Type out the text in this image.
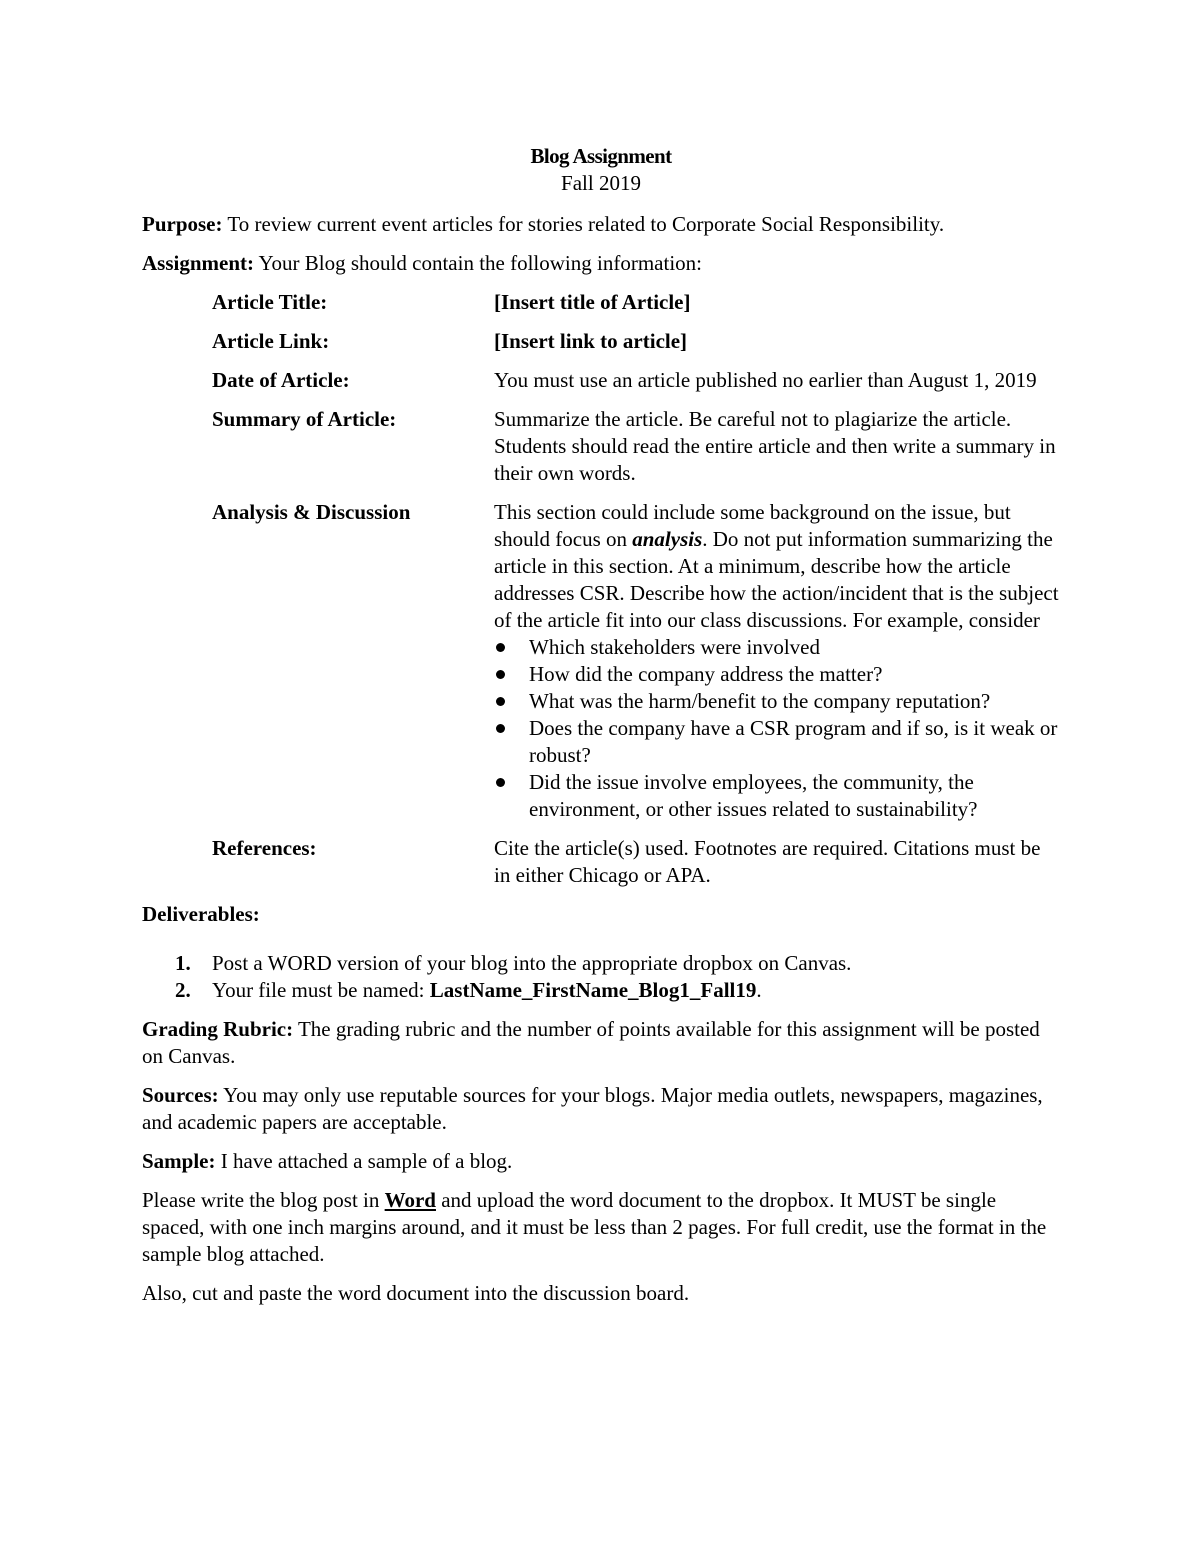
Blog Assignment
Fall 2019

Purpose: To review current event articles for stories related to Corporate Social Responsibility.

Assignment: Your Blog should contain the following information:

Article Title:	[Insert title of Article]
Article Link:	[Insert link to article]
Date of Article:	You must use an article published no earlier than August 1, 2019
Summary of Article:	Summarize the article. Be careful not to plagiarize the article. Students should read the entire article and then write a summary in their own words.
Analysis & Discussion	This section could include some background on the issue, but should focus on analysis. Do not put information summarizing the article in this section. At a minimum, describe how the article addresses CSR. Describe how the action/incident that is the subject of the article fit into our class discussions. For example, consider
Which stakeholders were involved
How did the company address the matter?
What was the harm/benefit to the company reputation?
Does the company have a CSR program and if so, is it weak or robust?
Did the issue involve employees, the community, the environment, or other issues related to sustainability?
References:	Cite the article(s) used. Footnotes are required. Citations must be in either Chicago or APA.
Deliverables:
1. Post a WORD version of your blog into the appropriate dropbox on Canvas.
2. Your file must be named: LastName_FirstName_Blog1_Fall19.

Grading Rubric: The grading rubric and the number of points available for this assignment will be posted on Canvas.

Sources: You may only use reputable sources for your blogs. Major media outlets, newspapers, magazines, and academic papers are acceptable.

Sample: I have attached a sample of a blog.

Please write the blog post in Word and upload the word document to the dropbox. It MUST be single spaced, with one inch margins around, and it must be less than 2 pages. For full credit, use the format in the sample blog attached.

Also, cut and paste the word document into the discussion board.
